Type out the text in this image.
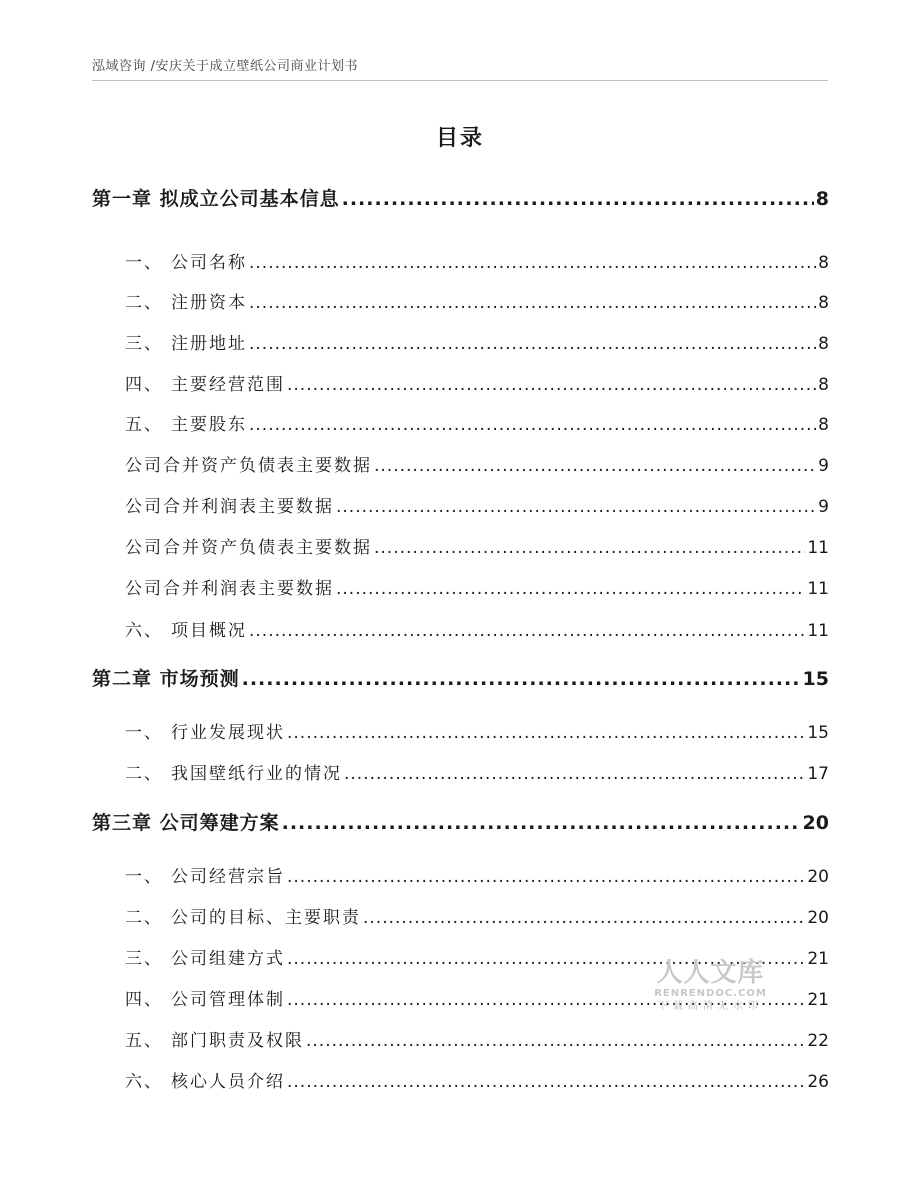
泓域咨询 /安庆关于成立壁纸公司商业计划书
目录
第一章 拟成立公司基本信息 .....	8
一、 公司名称 .....	8
二、 注册资本 .....	8
三、 注册地址 .....	8
四、 主要经营范围 .....	8
五、 主要股东 .....	8
公司合并资产负债表主要数据 .....	9
公司合并利润表主要数据 .....	9
公司合并资产负债表主要数据 .....	11
公司合并利润表主要数据 .....	11
六、 项目概况 .....	11
第二章 市场预测 .....	15
一、 行业发展现状 .....	15
二、 我国壁纸行业的情况 .....	17
第三章 公司筹建方案 .....	20
一、 公司经营宗旨 .....	20
二、 公司的目标、主要职责 .....	20
三、 公司组建方式 .....	21
四、 公司管理体制 .....	21
五、 部门职责及权限 .....	22
六、 核心人员介绍 .....	26
人人文库
RENRENDOC.COM
下载高清无水印
